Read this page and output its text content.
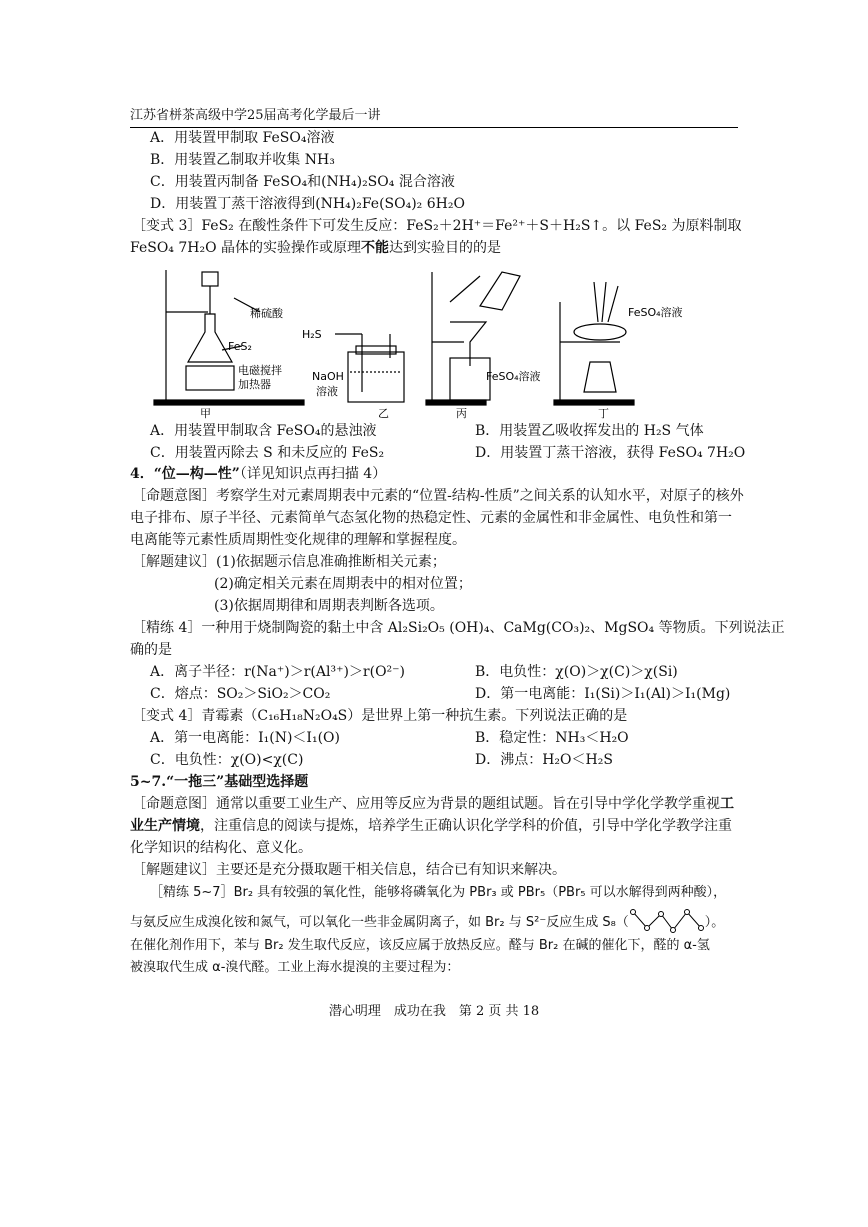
江苏省栟茶高级中学25届高考化学最后一讲
A．用装置甲制取 FeSO₄溶液
B．用装置乙制取并收集 NH₃
C．用装置丙制备 FeSO₄和(NH₄)₂SO₄ 混合溶液
D．用装置丁蒸干溶液得到(NH₄)₂Fe(SO₄)₂ 6H₂O
［变式 3］FeS₂ 在酸性条件下可发生反应：FeS₂＋2H⁺＝Fe²⁺＋S＋H₂S↑。以 FeS₂ 为原料制取
FeSO₄ 7H₂O 晶体的实验操作或原理不能达到实验目的的是
稀硫酸
FeS₂
电磁搅拌
加热器
甲
H₂S
NaOH
溶液
乙
FeSO₄溶液
丙
FeSO₄溶液
丁
A．用装置甲制取含 FeSO₄的悬浊液	B．用装置乙吸收挥发出的 H₂S 气体
C．用装置丙除去 S 和未反应的 FeS₂	D．用装置丁蒸干溶液，获得 FeSO₄ 7H₂O
4．“位—构—性”（详见知识点再扫描 4）
［命题意图］考察学生对元素周期表中元素的“位置-结构-性质”之间关系的认知水平，对原子的核外
电子排布、原子半径、元素简单气态氢化物的热稳定性、元素的金属性和非金属性、电负性和第一
电离能等元素性质周期性变化规律的理解和掌握程度。
［解题建议］(1)依据题示信息准确推断相关元素；
(2)确定相关元素在周期表中的相对位置；
(3)依据周期律和周期表判断各选项。
［精练 4］一种用于烧制陶瓷的黏土中含 Al₂Si₂O₅ (OH)₄、CaMg(CO₃)₂、MgSO₄ 等物质。下列说法正
确的是
A．离子半径：r(Na⁺)＞r(Al³⁺)＞r(O²⁻)	B．电负性：χ(O)＞χ(C)＞χ(Si)
C．熔点：SO₂＞SiO₂＞CO₂	D．第一电离能：I₁(Si)＞I₁(Al)＞I₁(Mg)
［变式 4］青霉素（C₁₆H₁₈N₂O₄S）是世界上第一种抗生素。下列说法正确的是
A．第一电离能：I₁(N)＜I₁(O)	B．稳定性：NH₃＜H₂O
C．电负性：χ(O)<χ(C)	D．沸点：H₂O＜H₂S
5~7.“一拖三”基础型选择题
［命题意图］通常以重要工业生产、应用等反应为背景的题组试题。旨在引导中学化学教学重视工
业生产情境，注重信息的阅读与提炼，培养学生正确认识化学学科的价值，引导中学化学教学注重
化学知识的结构化、意义化。
［解题建议］主要还是充分摄取题干相关信息，结合已有知识来解决。
［精练 5~7］Br₂ 具有较强的氧化性，能够将磷氧化为 PBr₃ 或 PBr₅（PBr₅ 可以水解得到两种酸），
与氨反应生成溴化铵和氮气，可以氧化一些非金属阴离子，如 Br₂ 与 S²⁻反应生成 S₈（	）。
在催化剂作用下，苯与 Br₂ 发生取代反应，该反应属于放热反应。醛与 Br₂ 在碱的催化下，醛的 α-氢
被溴取代生成 α-溴代醛。工业上海水提溴的主要过程为：
潜心明理　成功在我　第 2 页 共 18
